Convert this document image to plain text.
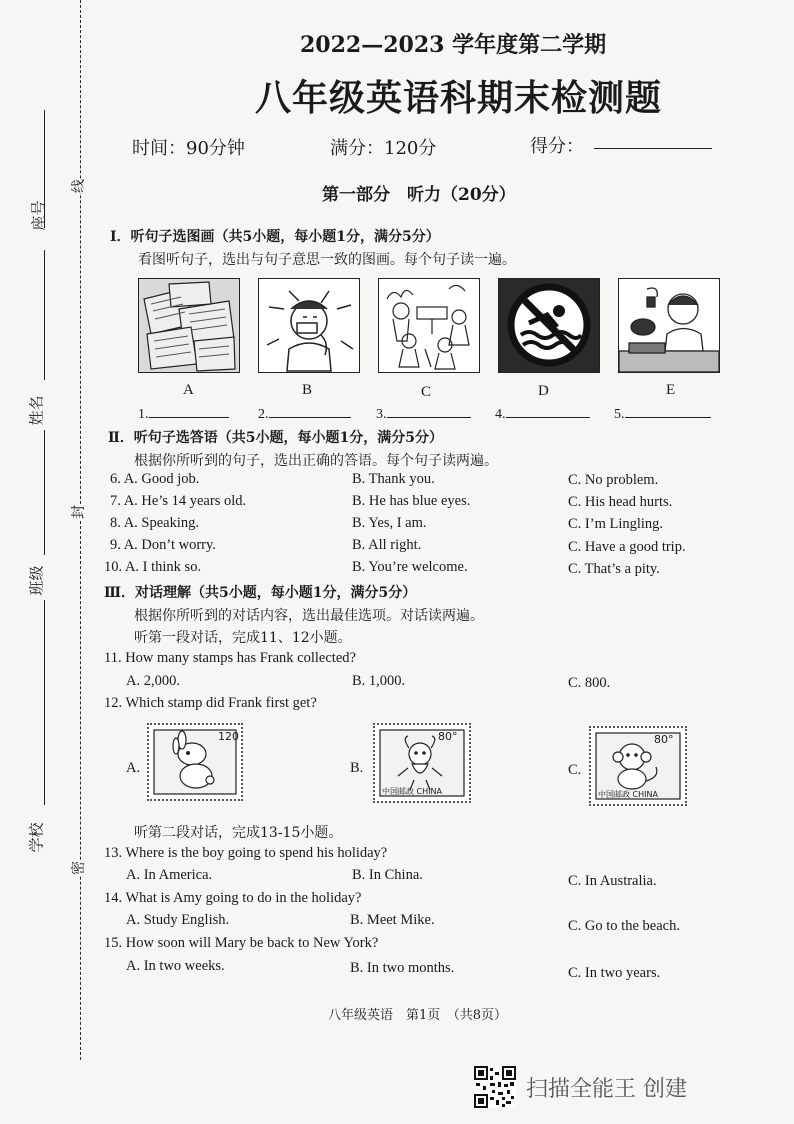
线
封
密
座号
姓名
班级
学校
2022—2023 学年度第二学期
八年级英语科期末检测题
时间：90分钟	满分：120分	得分：
第一部分　听力（20分）
Ⅰ．听句子选图画（共5小题，每小题1分，满分5分）
看图听句子，选出与句子意思一致的图画。每个句子读一遍。
A	B	C	D	E
1.	2.	3.	4.	5.
Ⅱ．听句子选答语（共5小题，每小题1分，满分5分）
根据你所听到的句子，选出正确的答语。每个句子读两遍。
6. A. Good job.	B. Thank you.	C. No problem.
7. A. He’s 14 years old.	B. He has blue eyes.	C. His head hurts.
8. A. Speaking.	B. Yes, I am.	C. I’m Lingling.
9. A. Don’t worry.	B. All right.	C. Have a good trip.
10. A. I think so.	B. You’re welcome.	C. That’s a pity.
Ⅲ．对话理解（共5小题，每小题1分，满分5分）
根据你所听到的对话内容，选出最佳选项。对话读两遍。
听第一段对话，完成11、12小题。
11. How many stamps has Frank collected?
A. 2,000.	B. 1,000.	C. 800.
12. Which stamp did Frank first get?
A.
120
B.
80°
中国邮政 CHINA
C.
80°
中国邮政 CHINA
听第二段对话，完成13-15小题。
13. Where is the boy going to spend his holiday?
A. In America.	B. In China.	C. In Australia.
14. What is Amy going to do in the holiday?
A. Study English.	B. Meet Mike.	C. Go to the beach.
15. How soon will Mary be back to New York?
A. In two weeks.	B. In two months.	C. In two years.
八年级英语　第1页　（共8页）
扫描全能王 创建
